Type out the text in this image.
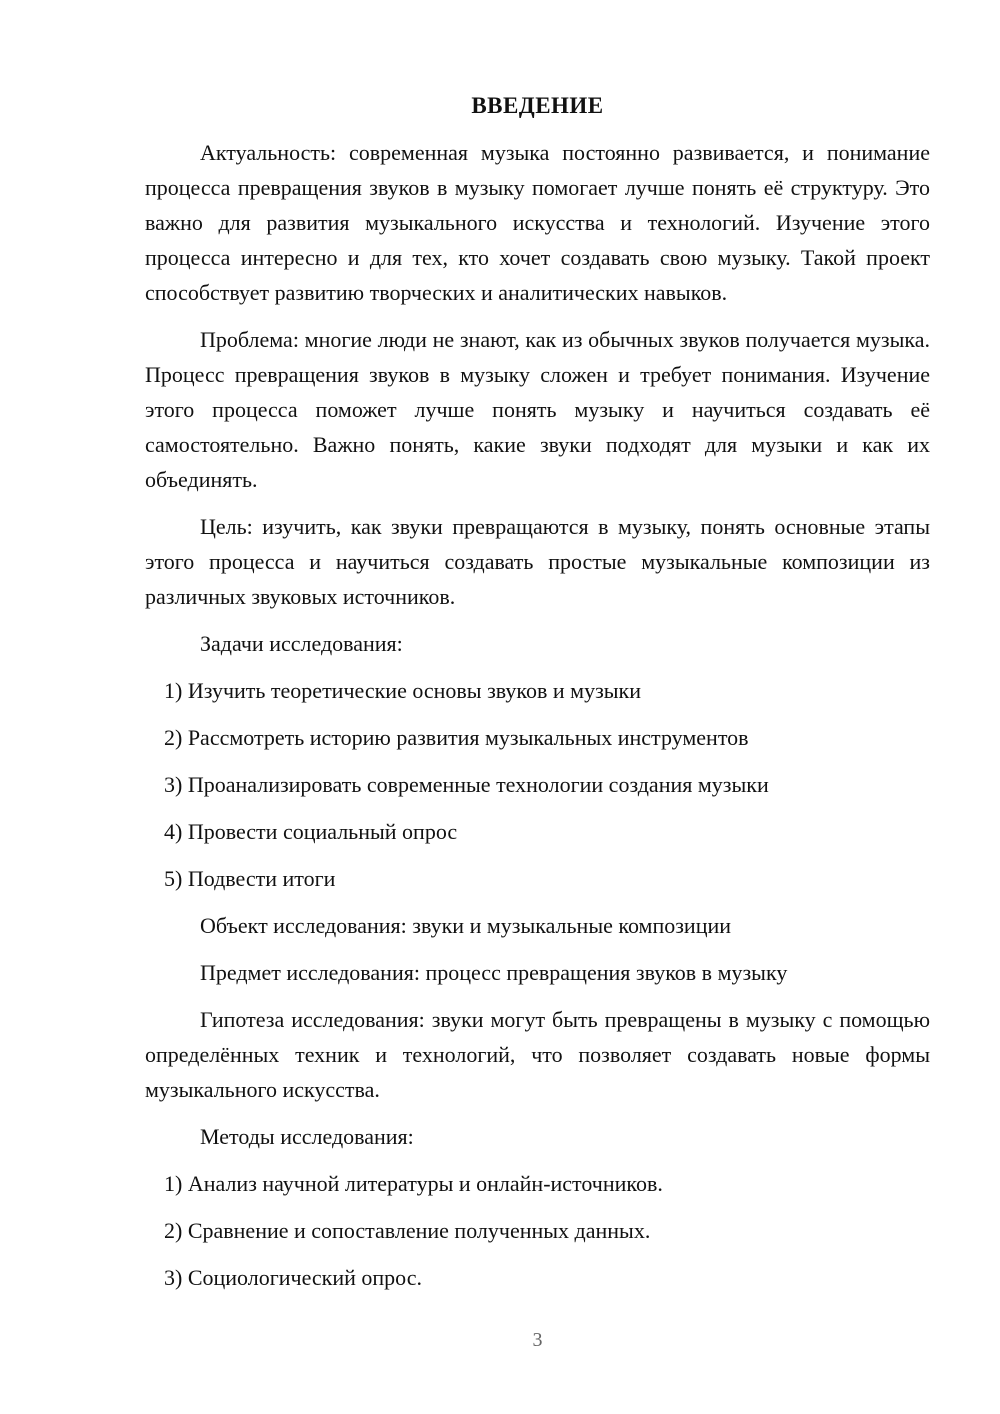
ВВЕДЕНИЕ

Актуальность: современная музыка постоянно развивается, и понимание процесса превращения звуков в музыку помогает лучше понять её структуру. Это важно для развития музыкального искусства и технологий. Изучение этого процесса интересно и для тех, кто хочет создавать свою музыку. Такой проект способствует развитию творческих и аналитических навыков.

Проблема: многие люди не знают, как из обычных звуков получается музыка. Процесс превращения звуков в музыку сложен и требует понимания. Изучение этого процесса поможет лучше понять музыку и научиться создавать её самостоятельно. Важно понять, какие звуки подходят для музыки и как их объединять.

Цель: изучить, как звуки превращаются в музыку, понять основные этапы этого процесса и научиться создавать простые музыкальные композиции из различных звуковых источников.

Задачи исследования:

1) Изучить теоретические основы звуков и музыки

2) Рассмотреть историю развития музыкальных инструментов

3) Проанализировать современные технологии создания музыки

4) Провести социальный опрос

5) Подвести итоги

Объект исследования: звуки и музыкальные композиции

Предмет исследования: процесс превращения звуков в музыку

Гипотеза исследования: звуки могут быть превращены в музыку с помощью определённых техник и технологий, что позволяет создавать новые формы музыкального искусства.

Методы исследования:

1) Анализ научной литературы и онлайн-источников.

2) Сравнение и сопоставление полученных данных.

3) Социологический опрос.

3
